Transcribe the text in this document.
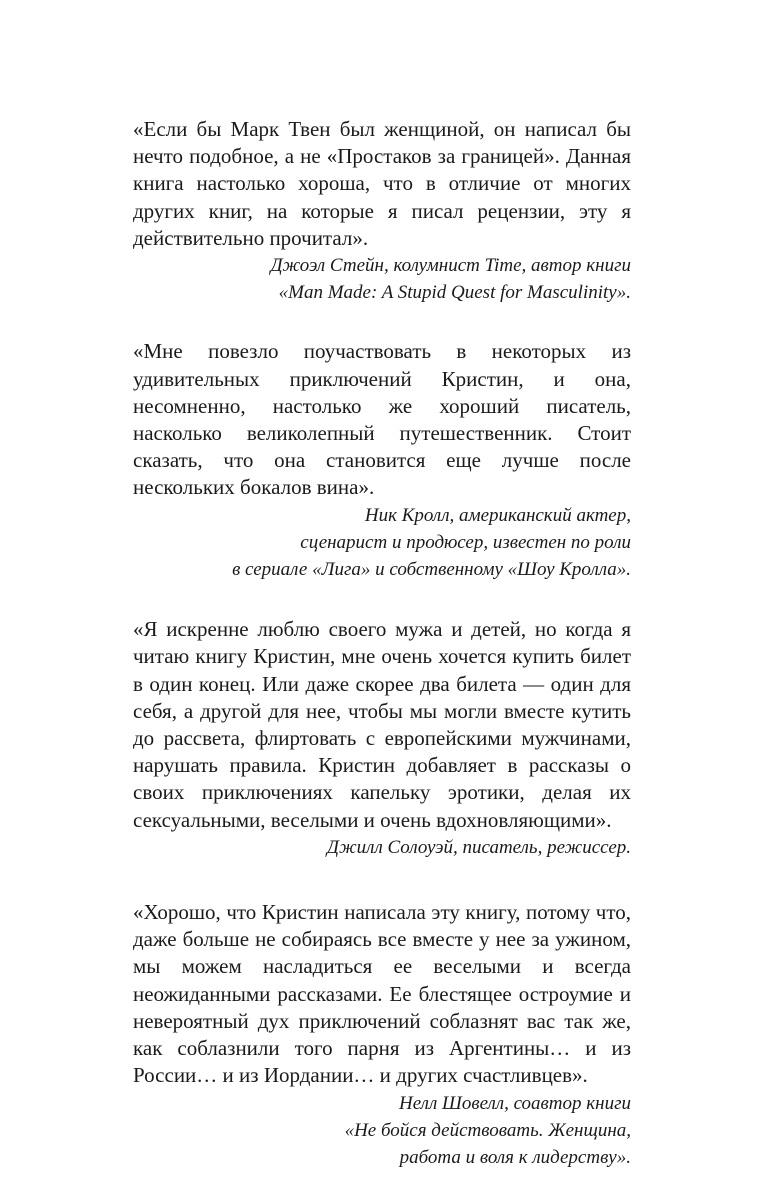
«Если бы Марк Твен был женщиной, он написал бы нечто подобное, а не «Простаков за границей». Данная книга настолько хороша, что в отличие от многих других книг, на которые я писал рецензии, эту я действительно прочитал».

Джоэл Стейн, колумнист Time, автор книги
«Man Made: A Stupid Quest for Masculinity».

«Мне повезло поучаствовать в некоторых из удивительных приключений Кристин, и она, несомненно, настолько же хороший писатель, насколько великолепный путешественник. Стоит сказать, что она становится еще лучше после нескольких бокалов вина».

Ник Кролл, американский актер,
сценарист и продюсер, известен по роли
в сериале «Лига» и собственному «Шоу Кролла».

«Я искренне люблю своего мужа и детей, но когда я читаю книгу Кристин, мне очень хочется купить билет в один конец. Или даже скорее два билета — один для себя, а другой для нее, чтобы мы могли вместе кутить до рассвета, флиртовать с европейскими мужчинами, нарушать правила. Кристин добавляет в рассказы о своих приключениях капельку эротики, делая их сексуальными, веселыми и очень вдохновляющими».

Джилл Солоуэй, писатель, режиссер.

«Хорошо, что Кристин написала эту книгу, потому что, даже больше не собираясь все вместе у нее за ужином, мы можем насладиться ее веселыми и всегда неожиданными рассказами. Ее блестящее остроумие и невероятный дух приключений соблазнят вас так же, как соблазнили того парня из Аргентины… и из России… и из Иордании… и других счастливцев».

Нелл Шовелл, соавтор книги
«Не бойся действовать. Женщина,
работа и воля к лидерству».
